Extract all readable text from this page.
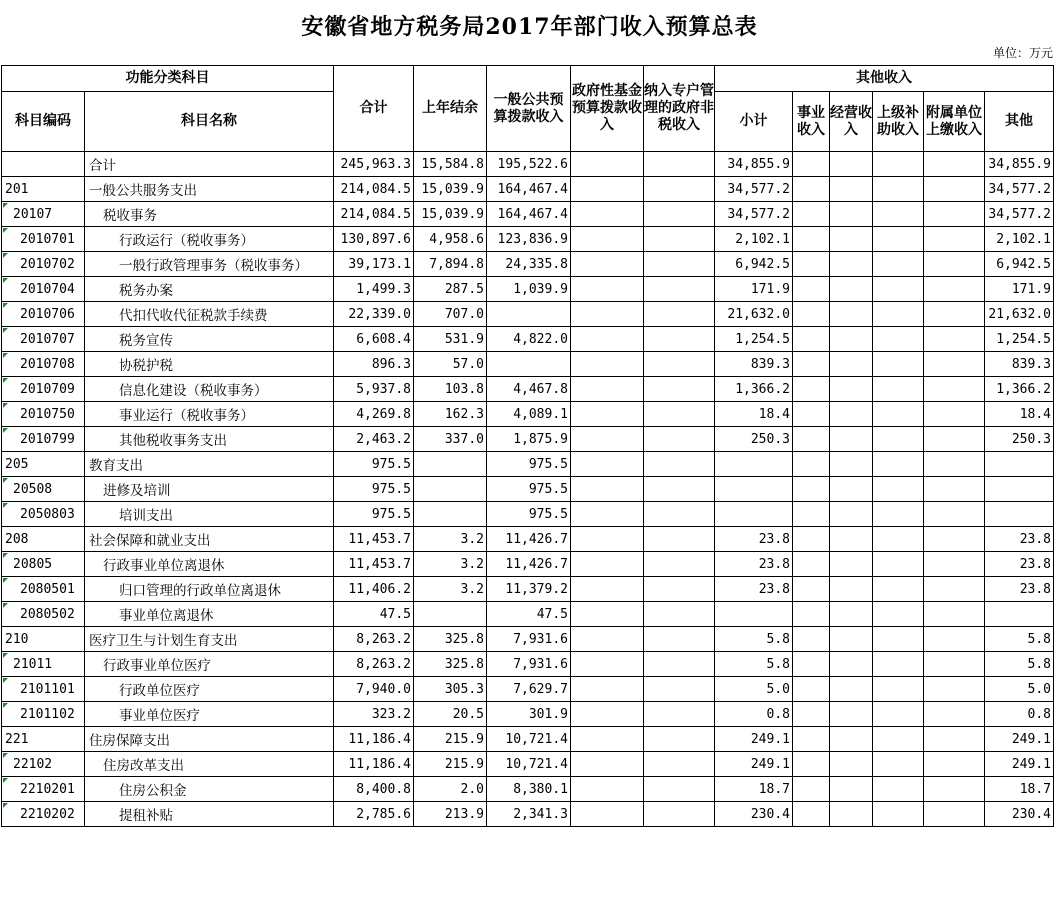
安徽省地方税务局2017年部门收入预算总表
单位：万元
功能分类科目		合计	上年结余	一般公共预算拨款收入	政府性基金预算拨款收入	纳入专户管理的政府非税收入	其他收入					
科目编码	科目名称						小计	事业收入	经营收入	上级补助收入	附属单位上缴收入	其他
	合计	245,963.3	15,584.8	195,522.6			34,855.9					34,855.9
201	一般公共服务支出	214,084.5	15,039.9	164,467.4			34,577.2					34,577.2
20107	税收事务	214,084.5	15,039.9	164,467.4			34,577.2					34,577.2
2010701	行政运行（税收事务）	130,897.6	4,958.6	123,836.9			2,102.1					2,102.1
2010702	一般行政管理事务（税收事务）	39,173.1	7,894.8	24,335.8			6,942.5					6,942.5
2010704	税务办案	1,499.3	287.5	1,039.9			171.9					171.9
2010706	代扣代收代征税款手续费	22,339.0	707.0				21,632.0					21,632.0
2010707	税务宣传	6,608.4	531.9	4,822.0			1,254.5					1,254.5
2010708	协税护税	896.3	57.0				839.3					839.3
2010709	信息化建设（税收事务）	5,937.8	103.8	4,467.8			1,366.2					1,366.2
2010750	事业运行（税收事务）	4,269.8	162.3	4,089.1			18.4					18.4
2010799	其他税收事务支出	2,463.2	337.0	1,875.9			250.3					250.3
205	教育支出	975.5		975.5								
20508	进修及培训	975.5		975.5								
2050803	培训支出	975.5		975.5								
208	社会保障和就业支出	11,453.7	3.2	11,426.7			23.8					23.8
20805	行政事业单位离退休	11,453.7	3.2	11,426.7			23.8					23.8
2080501	归口管理的行政单位离退休	11,406.2	3.2	11,379.2			23.8					23.8
2080502	事业单位离退休	47.5		47.5								
210	医疗卫生与计划生育支出	8,263.2	325.8	7,931.6			5.8					5.8
21011	行政事业单位医疗	8,263.2	325.8	7,931.6			5.8					5.8
2101101	行政单位医疗	7,940.0	305.3	7,629.7			5.0					5.0
2101102	事业单位医疗	323.2	20.5	301.9			0.8					0.8
221	住房保障支出	11,186.4	215.9	10,721.4			249.1					249.1
22102	住房改革支出	11,186.4	215.9	10,721.4			249.1					249.1
2210201	住房公积金	8,400.8	2.0	8,380.1			18.7					18.7
2210202	提租补贴	2,785.6	213.9	2,341.3			230.4					230.4
